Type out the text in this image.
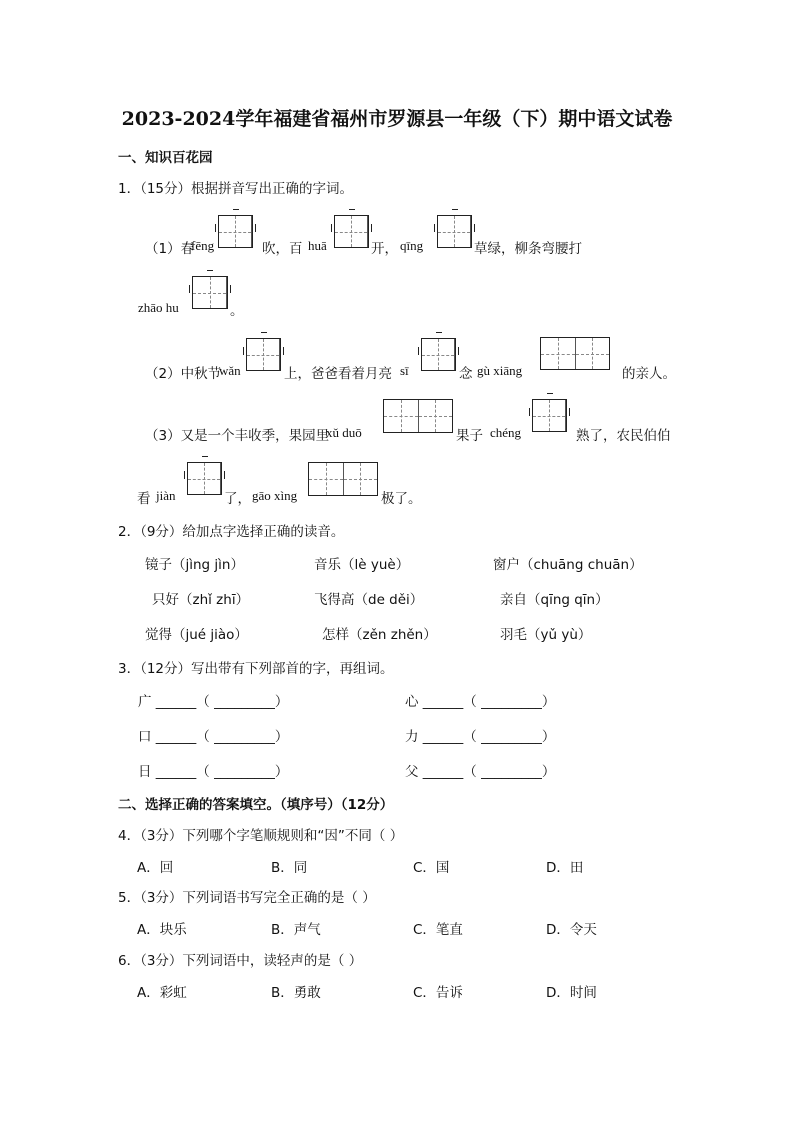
2023-2024学年福建省福州市罗源县一年级（下）期中语文试卷
一、知识百花园
1．（15分）根据拼音写出正确的字词。
（1）春
fēng	吹，百 huā	开， qīng	草绿，柳条弯腰打
zhāo hu	。
（2）中秋节
wǎn	上，爸爸看着月亮 sī	念 gù xiāng	的亲人。
（3）又是一个丰收季，果园里
xǔ duō	果子 chéng	熟了，农民伯伯
看 jiàn	了， gāo xìng	极了。
2．（9分）给加点字选择正确的读音。
镜子（jìng jìn）	音乐（lè yuè）	窗户（chuāng chuān）
只好（zhǐ zhī）	飞得高（de děi）	亲自（qīng qīn）
觉得（jué jiào）	怎样（zěn zhěn）	羽毛（yǔ yù）
3．（12分）写出带有下列部首的字，再组词。
广 ______（ _________）	心 ______（ _________）
口 ______（ _________）	力 ______（ _________）
日 ______（ _________）	父 ______（ _________）
二、选择正确的答案填空。（填序号）（12分）
4．（3分）下列哪个字笔顺规则和“因”不同（ ）
A．回	B．同	C．国	D．田
5．（3分）下列词语书写完全正确的是（ ）
A．块乐	B．声气	C．笔直	D．令天
6．（3分）下列词语中，读轻声的是（ ）
A．彩虹	B．勇敢	C．告诉	D．时间
